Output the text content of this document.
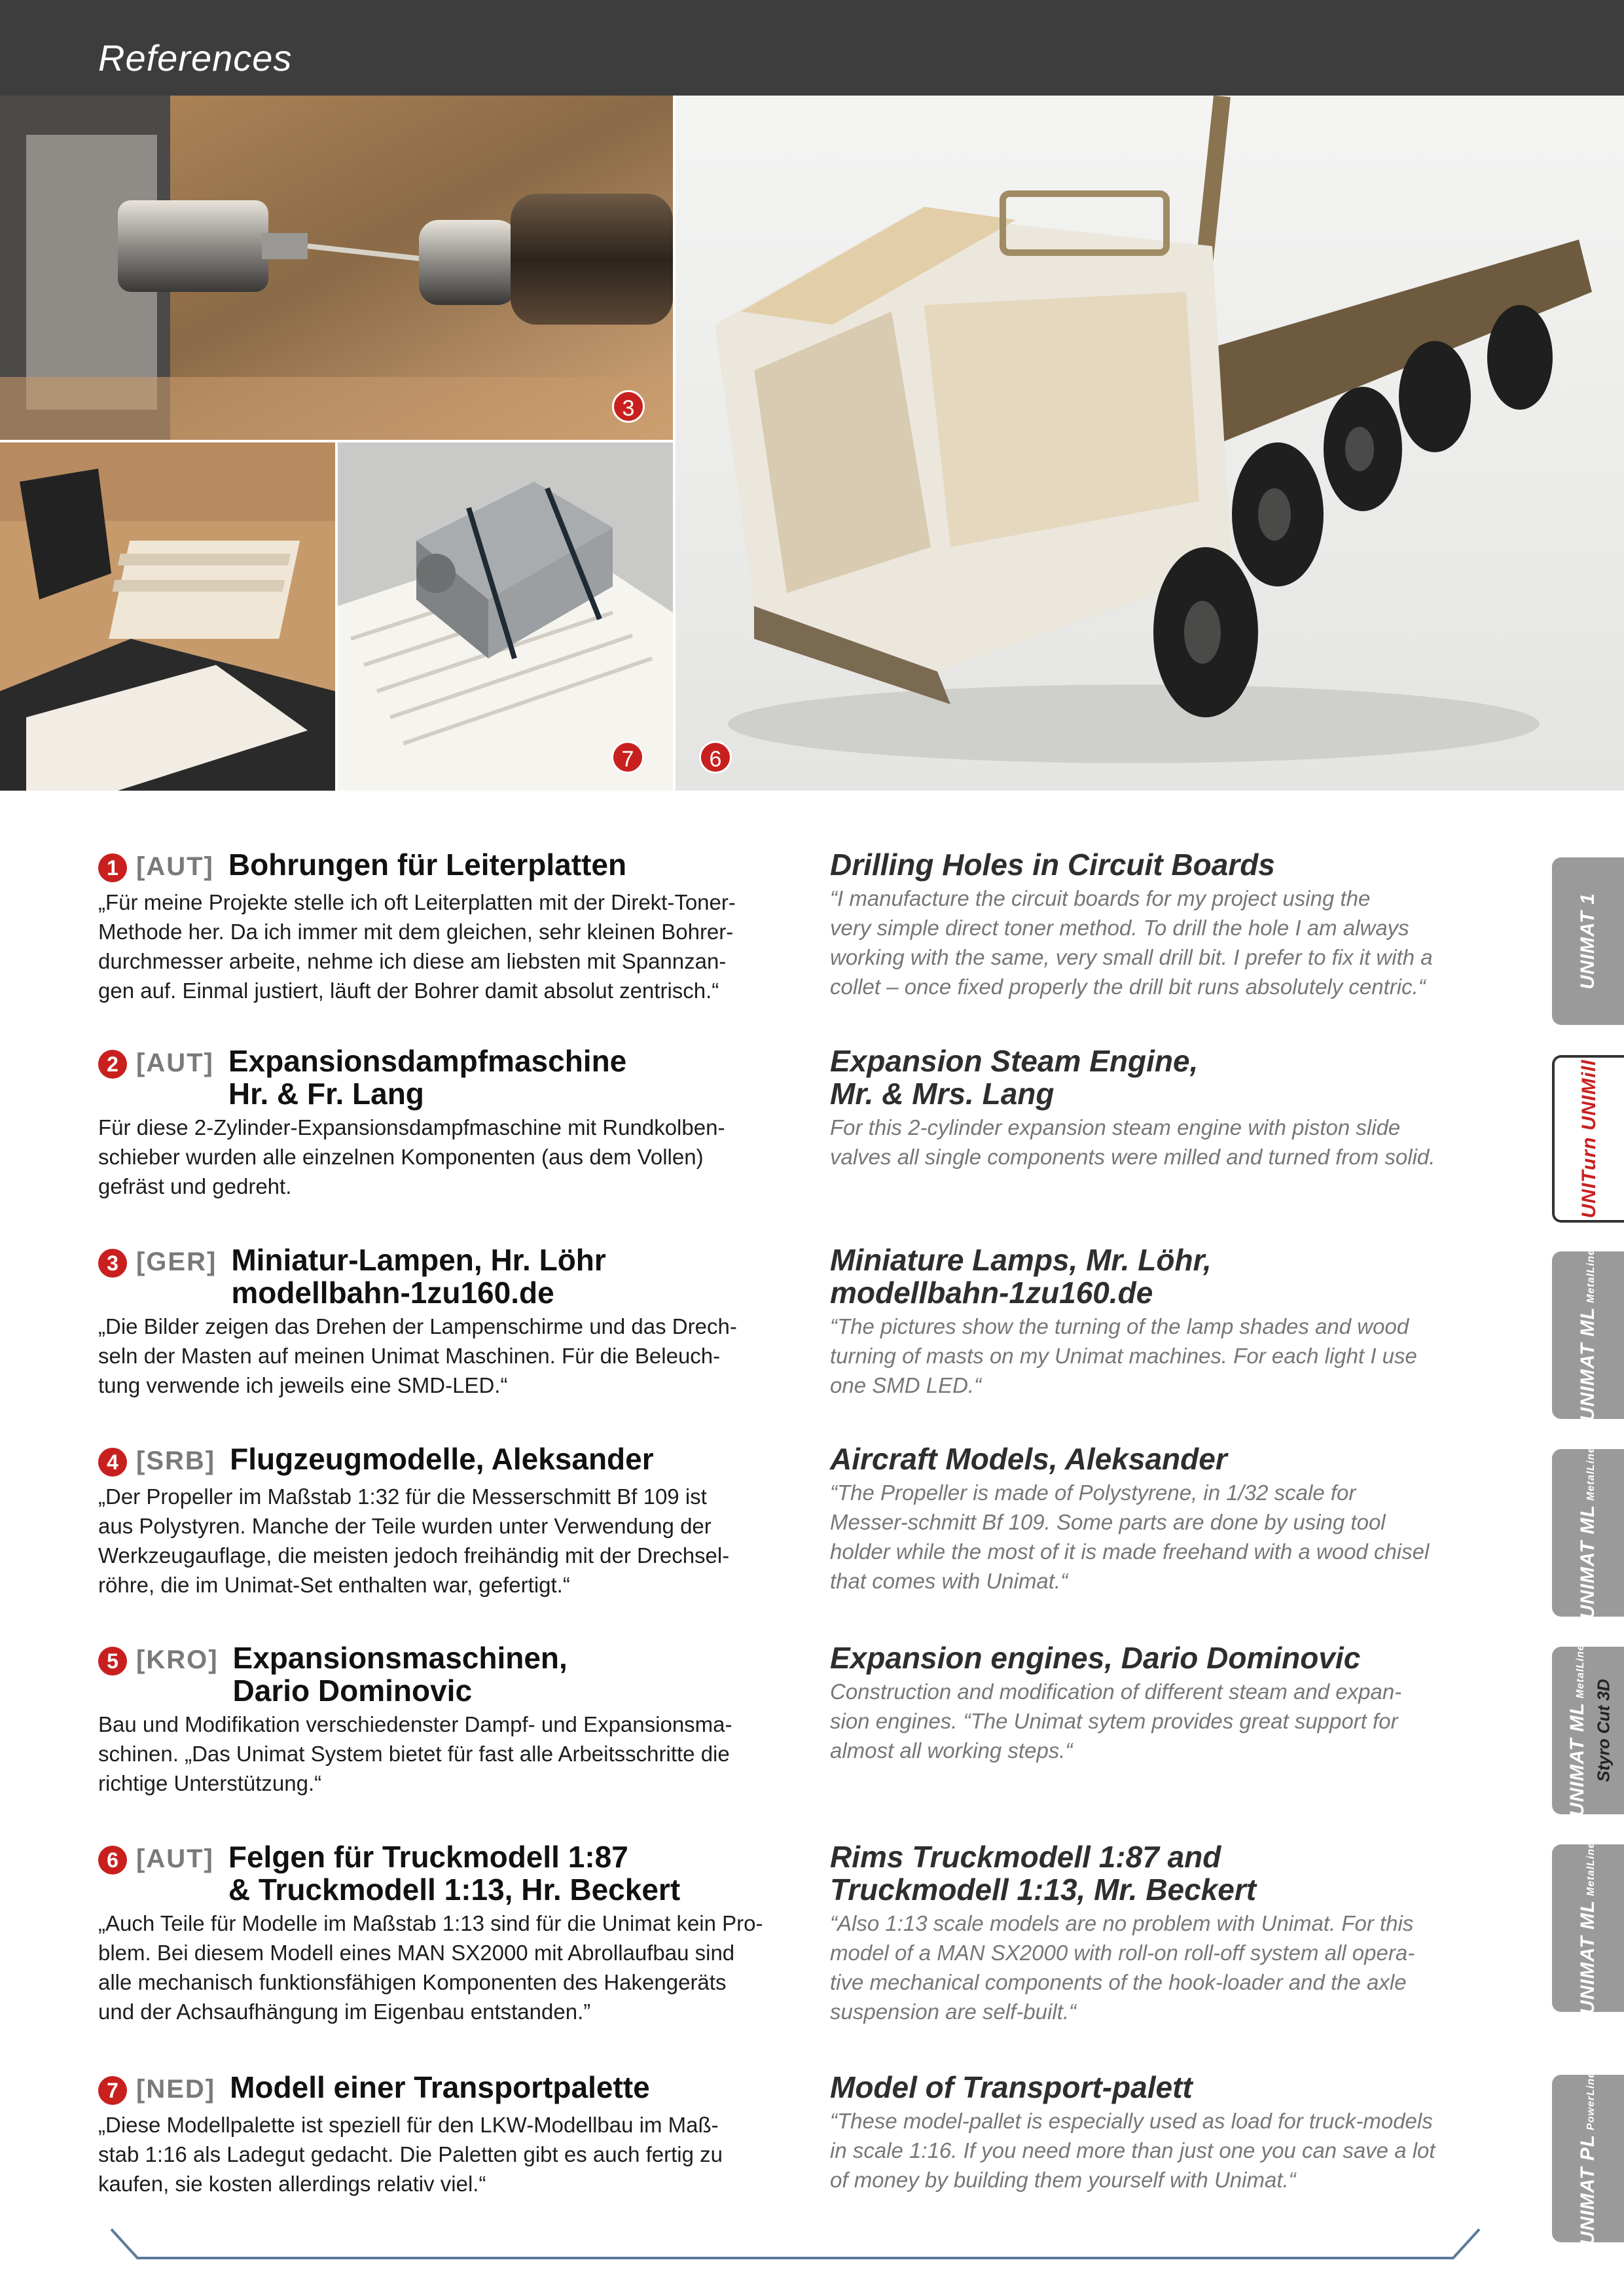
References
3
7	6
1 [AUT] Bohrungen für Leiterplatten
„Für meine Projekte stelle ich oft Leiterplatten mit der Direkt-Toner-
Methode her. Da ich immer mit dem gleichen, sehr kleinen Bohrer-
durchmesser arbeite, nehme ich diese am liebsten mit Spannzan-
gen auf. Einmal justiert, läuft der Bohrer damit absolut zentrisch.“
Drilling Holes in Circuit Boards
“I manufacture the circuit boards for my project using the
very simple direct toner method. To drill the hole I am always
working with the same, very small drill bit. I prefer to fix it with a
collet – once fixed properly the drill bit runs absolutely centric.“
2 [AUT] Expansionsdampfmaschine
Hr. & Fr. Lang
Für diese 2-Zylinder-Expansionsdampfmaschine mit Rundkolben-
schieber wurden alle einzelnen Komponenten (aus dem Vollen)
gefräst und gedreht.
Expansion Steam Engine,
Mr. & Mrs. Lang
For this 2-cylinder expansion steam engine with piston slide
valves all single components were milled and turned from solid.
3 [GER] Miniatur-Lampen, Hr. Löhr
modellbahn-1zu160.de
„Die Bilder zeigen das Drehen der Lampenschirme und das Drech-
seln der Masten auf meinen Unimat Maschinen. Für die Beleuch-
tung verwende ich jeweils eine SMD-LED.“
Miniature Lamps, Mr. Löhr,
modellbahn-1zu160.de
“The pictures show the turning of the lamp shades and wood
turning of masts on my Unimat machines. For each light I use
one SMD LED.“
4 [SRB] Flugzeugmodelle, Aleksander
„Der Propeller im Maßstab 1:32 für die Messerschmitt Bf 109 ist
aus Polystyren. Manche der Teile wurden unter Verwendung der
Werkzeugauflage, die meisten jedoch freihändig mit der Drechsel-
röhre, die im Unimat-Set enthalten war, gefertigt.“
Aircraft Models, Aleksander
“The Propeller is made of Polystyrene, in 1/32 scale for
Messer-schmitt Bf 109. Some parts are done by using tool
holder while the most of it is made freehand with a wood chisel
that comes with Unimat.“
5 [KRO] Expansionsmaschinen,
Dario Dominovic
Bau und Modifikation verschiedenster Dampf- und Expansionsma-
schinen. „Das Unimat System bietet für fast alle Arbeitsschritte die
richtige Unterstützung.“
Expansion engines, Dario Dominovic
Construction and modification of different steam and expan-
sion engines. “The Unimat sytem provides great support for
almost all working steps.“
6 [AUT] Felgen für Truckmodell 1:87
& Truckmodell 1:13, Hr. Beckert
„Auch Teile für Modelle im Maßstab 1:13 sind für die Unimat kein Pro-
blem. Bei diesem Modell eines MAN SX2000 mit Abrollaufbau sind
alle mechanisch funktionsfähigen Komponenten des Hakengeräts
und der Achsaufhängung im Eigenbau entstanden.”
Rims Truckmodell 1:87 and
Truckmodell 1:13, Mr. Beckert
“Also 1:13 scale models are no problem with Unimat. For this
model of a MAN SX2000 with roll-on roll-off system all opera-
tive mechanical components of the hook-loader and the axle
suspension are self-built.“
7 [NED] Modell einer Transportpalette
„Diese Modellpalette ist speziell für den LKW-Modellbau im Maß-
stab 1:16 als Ladegut gedacht. Die Paletten gibt es auch fertig zu
kaufen, sie kosten allerdings relativ viel.“
Model of Transport-palett
“These model-pallet is especially used as load for truck-models
in scale 1:16. If you need more than just one you can save a lot
of money by building them yourself with Unimat.“
UNIMAT 1
UNITurn UNIMill
UNIMAT MLMetalLine
UNIMAT MLMetalLine
UNIMAT MLMetalLine
Styro Cut 3D
UNIMAT MLMetalLine
UNIMAT PLPowerLine
